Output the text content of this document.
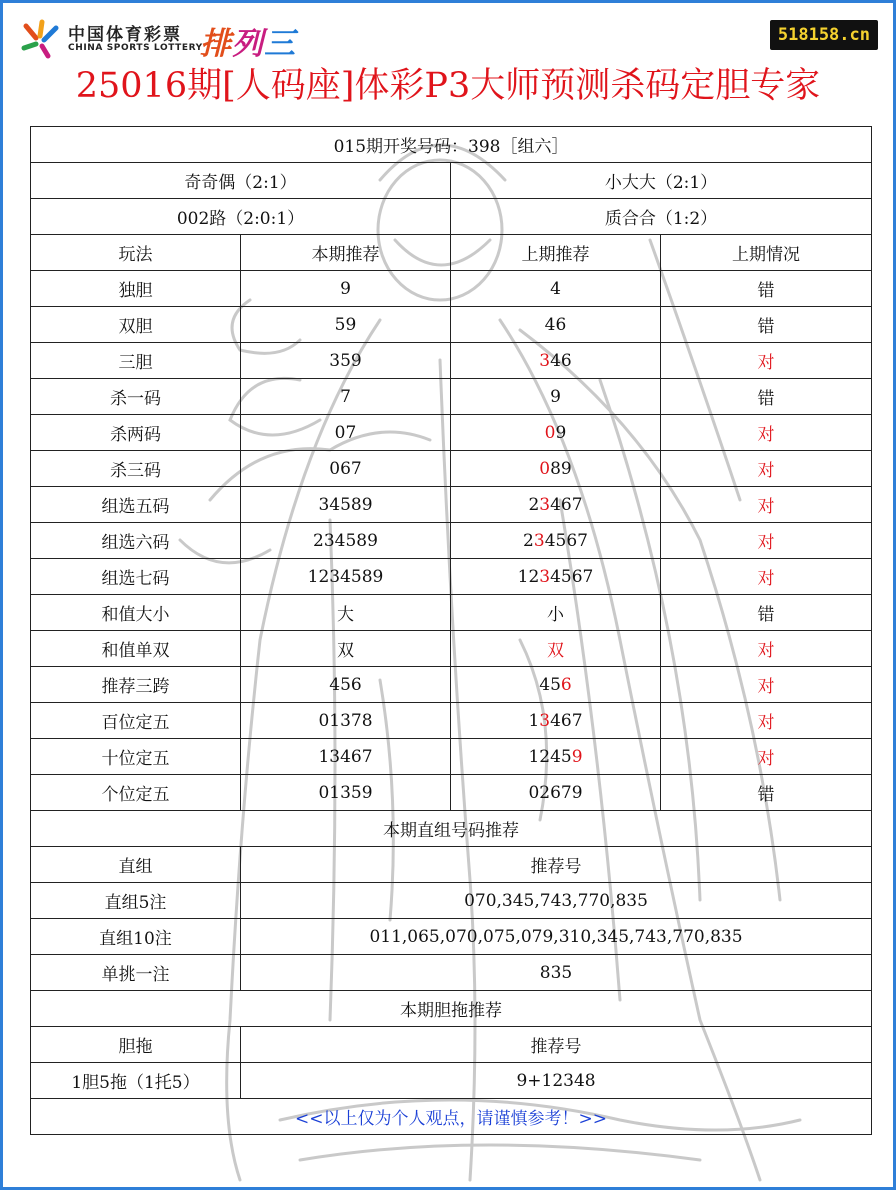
中国体育彩票
CHINA SPORTS LOTTERY
排列三	518158.cn
25016期[人码座]体彩P3大师预测杀码定胆专家
015期开奖号码：398［组六］			
奇奇偶（2:1）		小大大（2:1）	
002路（2:0:1）		质合合（1:2）	
玩法	本期推荐	上期推荐	上期情况
独胆	9	4	错
双胆	59	46	错
三胆	359	346	对
杀一码	7	9	错
杀两码	07	09	对
杀三码	067	089	对
组选五码	34589	23467	对
组选六码	234589	234567	对
组选七码	1234589	1234567	对
和值大小	大	小	错
和值单双	双	双	对
推荐三跨	456	456	对
百位定五	01378	13467	对
十位定五	13467	12459	对
个位定五	01359	02679	错
本期直组号码推荐			
直组	推荐号		
直组5注	070,345,743,770,835		
直组10注	011,065,070,075,079,310,345,743,770,835		
单挑一注	835		
本期胆拖推荐			
胆拖	推荐号		
1胆5拖（1托5）	9+12348		
<<以上仅为个人观点，请谨慎参考！>>			
